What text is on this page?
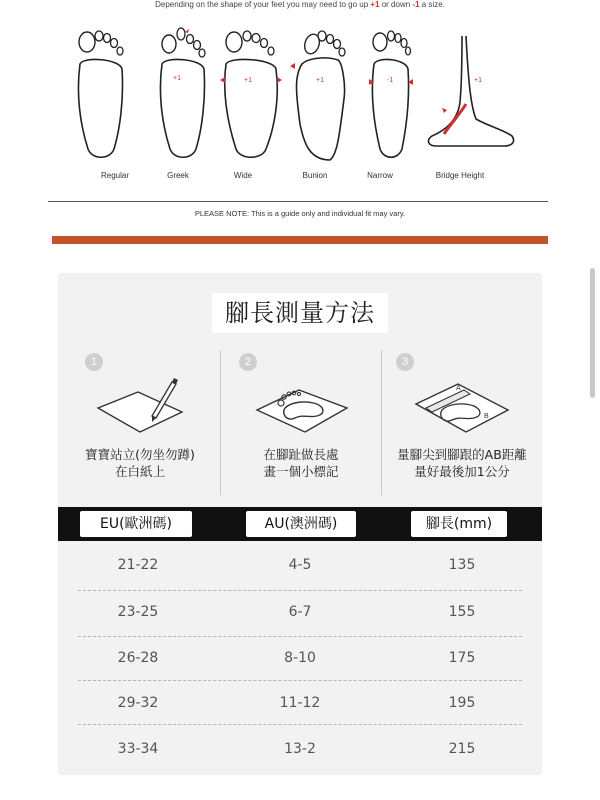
Depending on the shape of your feet you may need to go up +1 or down -1 a size.
+1	+1	+1	-1	+1
Regular	Greek	Wide	Bunion	Narrow	Bridge Height
PLEASE NOTE: This is a guide only and individual fit may vary.
腳長測量方法
1
寶寶站立(勿坐勿蹲)
在白紙上
2
在腳趾做長處
畫一個小標記
3
A
B
量腳尖到腳跟的AB距離
量好最後加1公分
EU(歐洲碼)	AU(澳洲碼)	腳長(mm)
21-22	4-5	135
23-25	6-7	155
26-28	8-10	175
29-32	11-12	195
33-34	13-2	215
